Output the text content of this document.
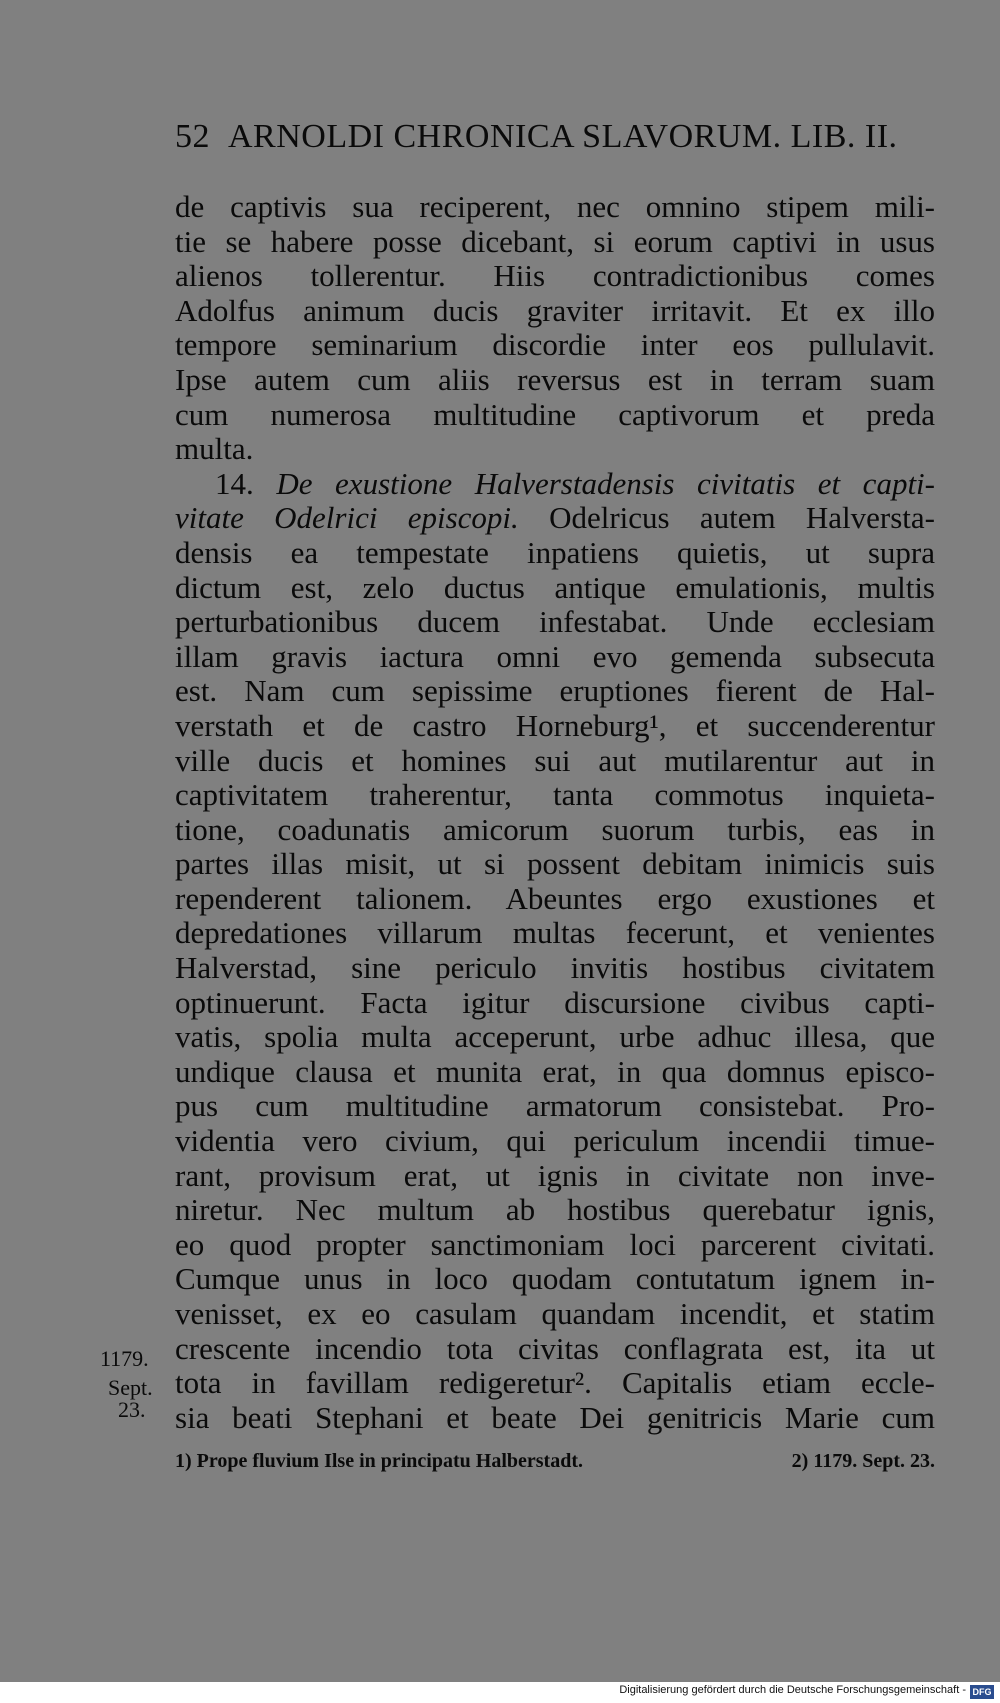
52 ARNOLDI CHRONICA SLAVORUM. LIB. II.
de captivis sua reciperent, nec omnino stipem mili-
tie se habere posse dicebant, si eorum captivi in usus
alienos tollerentur. Hiis contradictionibus comes
Adolfus animum ducis graviter irritavit. Et ex illo
tempore seminarium discordie inter eos pullulavit.
Ipse autem cum aliis reversus est in terram suam
cum numerosa multitudine captivorum et preda
multa.
14. De exustione Halverstadensis civitatis et capti-
vitate Odelrici episcopi. Odelricus autem Halversta-
densis ea tempestate inpatiens quietis, ut supra
dictum est, zelo ductus antique emulationis, multis
perturbationibus ducem infestabat. Unde ecclesiam
illam gravis iactura omni evo gemenda subsecuta
est. Nam cum sepissime eruptiones fierent de Hal-
verstath et de castro Horneburg¹, et succenderentur
ville ducis et homines sui aut mutilarentur aut in
captivitatem traherentur, tanta commotus inquieta-
tione, coadunatis amicorum suorum turbis, eas in
partes illas misit, ut si possent debitam inimicis suis
rependerent talionem. Abeuntes ergo exustiones et
depredationes villarum multas fecerunt, et venientes
Halverstad, sine periculo invitis hostibus civitatem
optinuerunt. Facta igitur discursione civibus capti-
vatis, spolia multa acceperunt, urbe adhuc illesa, que
undique clausa et munita erat, in qua domnus episco-
pus cum multitudine armatorum consistebat. Pro-
videntia vero civium, qui periculum incendii timue-
rant, provisum erat, ut ignis in civitate non inve-
niretur. Nec multum ab hostibus querebatur ignis,
eo quod propter sanctimoniam loci parcerent civitati.
Cumque unus in loco quodam contutatum ignem in-
venisset, ex eo casulam quandam incendit, et statim
crescente incendio tota civitas conflagrata est, ita ut
tota in favillam redigeretur². Capitalis etiam eccle-
sia beati Stephani et beate Dei genitricis Marie cum
1179.
Sept.
23.
1) Prope fluvium Ilse in principatu Halberstadt.	2) 1179. Sept. 23.
Digitalisierung gefördert durch die Deutsche Forschungsgemeinschaft - DFG
